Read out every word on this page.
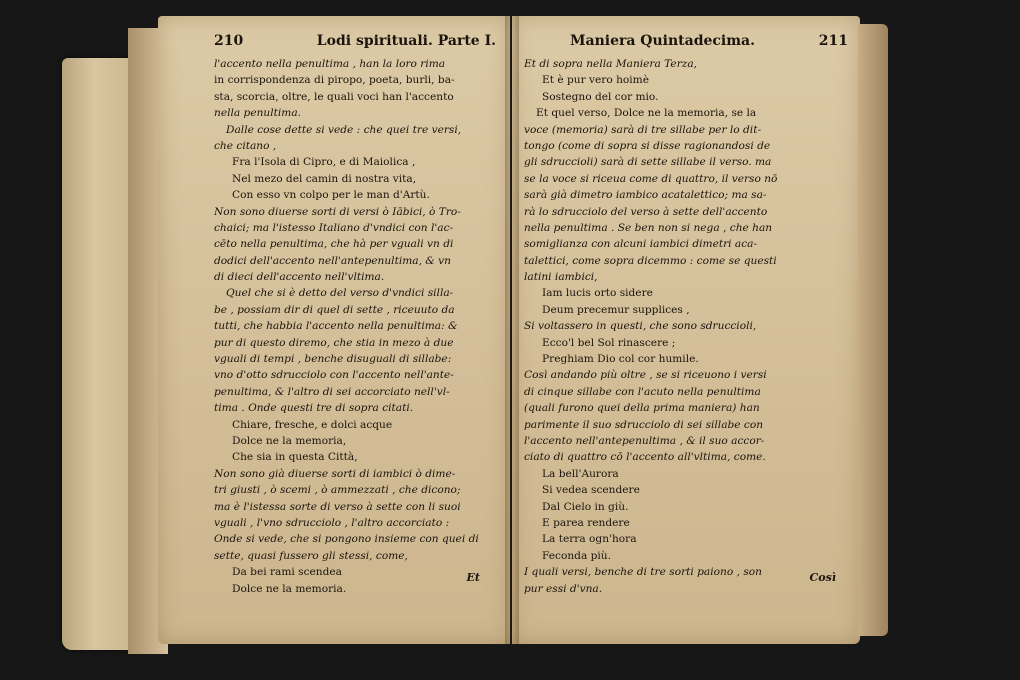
210	Lodi spirituali. Parte I.
l'accento nella penultima , han la loro rima
in corrispondenza di piropo, poeta, burli, ba-
sta, scorcia, oltre, le quali voci han l'accento
nella penultima.
Dalle cose dette si vede : che quei tre versi,
che citano ,
Fra l'Isola di Cipro, e di Maiolica ,
Nel mezo del camin di nostra vita,
Con esso vn colpo per le man d'Artù.
Non sono diuerse sorti di versi ò Iābici, ò Tro-
chaici; ma l'istesso Italiano d'vndici con l'ac-
cēto nella penultima, che hà per vguali vn di
dodici dell'accento nell'antepenultima, & vn
di dieci dell'accento nell'vltima.
Quel che si è detto del verso d'vndici silla-
be , possiam dir di quel di sette , riceuuto da
tutti, che habbia l'accento nella penultima: &
pur di questo diremo, che stia in mezo à due
vguali di tempi , benche disuguali di sillabe:
vno d'otto sdrucciolo con l'accento nell'ante-
penultima, & l'altro di sei accorciato nell'vl-
tima . Onde questi tre di sopra citati.
Chiare, fresche, e dolci acque
Dolce ne la memoria,
Che sia in questa Città,
Non sono già diuerse sorti di iambici ò dime-
tri giusti , ò scemi , ò ammezzati , che dicono;
ma è l'istessa sorte di verso à sette con li suoi
vguali , l'vno sdrucciolo , l'altro accorciato :
Onde si vede, che si pongono insieme con quei di
sette, quasi fussero gli stessi, come,
Da bei rami scendea
Dolce ne la memoria.
Et
Maniera Quintadecima.	211
Et di sopra nella Maniera Terza,
Et è pur vero hoimè
Sostegno del cor mio.
Et quel verso, Dolce ne la memoria, se la
voce (memoria) sarà di tre sillabe per lo dit-
tongo (come di sopra si disse ragionandosi de
gli sdruccioli) sarà di sette sillabe il verso. ma
se la voce si riceua come di quattro, il verso nō
sarà già dimetro iambico acatalettico; ma sa-
rà lo sdrucciolo del verso à sette dell'accento
nella penultima . Se ben non si nega , che han
somiglianza con alcuni iambici dimetri aca-
talettici, come sopra dicemmo : come se questi
latini iambici,
Iam lucis orto sidere
Deum precemur supplices ,
Si voltassero in questi, che sono sdruccioli,
Ecco'l bel Sol rinascere ;
Preghiam Dio col cor humile.
Così andando più oltre , se si riceuono i versi
di cinque sillabe con l'acuto nella penultima
(quali furono quei della prima maniera) han
parimente il suo sdrucciolo di sei sillabe con
l'accento nell'antepenultima , & il suo accor-
ciato di quattro cō l'accento all'vltima, come.
La bell'Aurora
Si vedea scendere
Dal Cielo in giù.
E parea rendere
La terra ogn'hora
Feconda più.
I quali versi, benche di tre sorti paiono , son
pur essi d'vna.
Così
